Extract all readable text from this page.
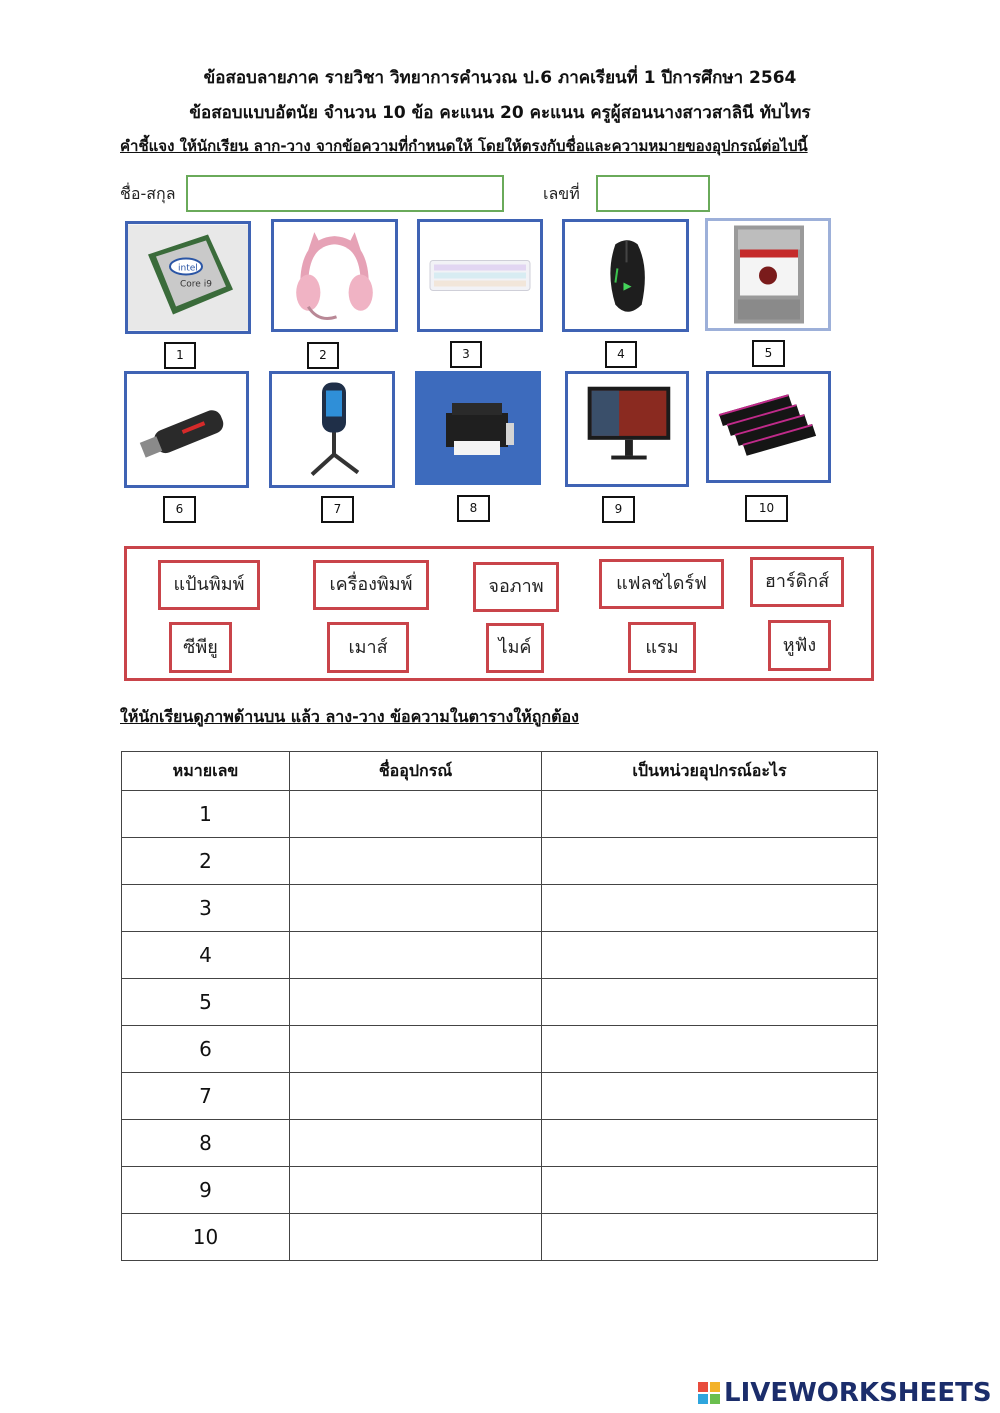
ข้อสอบลายภาค รายวิชา วิทยาการคำนวณ ป.6 ภาคเรียนที่ 1 ปีการศึกษา 2564
ข้อสอบแบบอัตนัย จำนวน 10 ข้อ คะแนน 20 คะแนน ครูผู้สอนนางสาวสาลินี ทับไทร
คำชี้แจง ให้นักเรียน ลาก-วาง จากข้อความที่กำหนดให้ โดยให้ตรงกับชื่อและความหมายของอุปกรณ์ต่อไปนี้
ชื่อ-สกุล	เลขที่
intel
Core i9
1	2	3	4	5
6	7	8	9	10
แป้นพิมพ์	เครื่องพิมพ์	จอภาพ	แฟลชไดร์ฟ	ฮาร์ดิกส์
ซีพียู	เมาส์	ไมค์	แรม	หูฟัง
ให้นักเรียนดูภาพด้านบน แล้ว ลาง-วาง ข้อความในตารางให้ถูกต้อง
หมายเลข	ชื่ออุปกรณ์	เป็นหน่วยอุปกรณ์อะไร
1		
2		
3		
4		
5		
6		
7		
8		
9		
10		
LIVEWORKSHEETS
